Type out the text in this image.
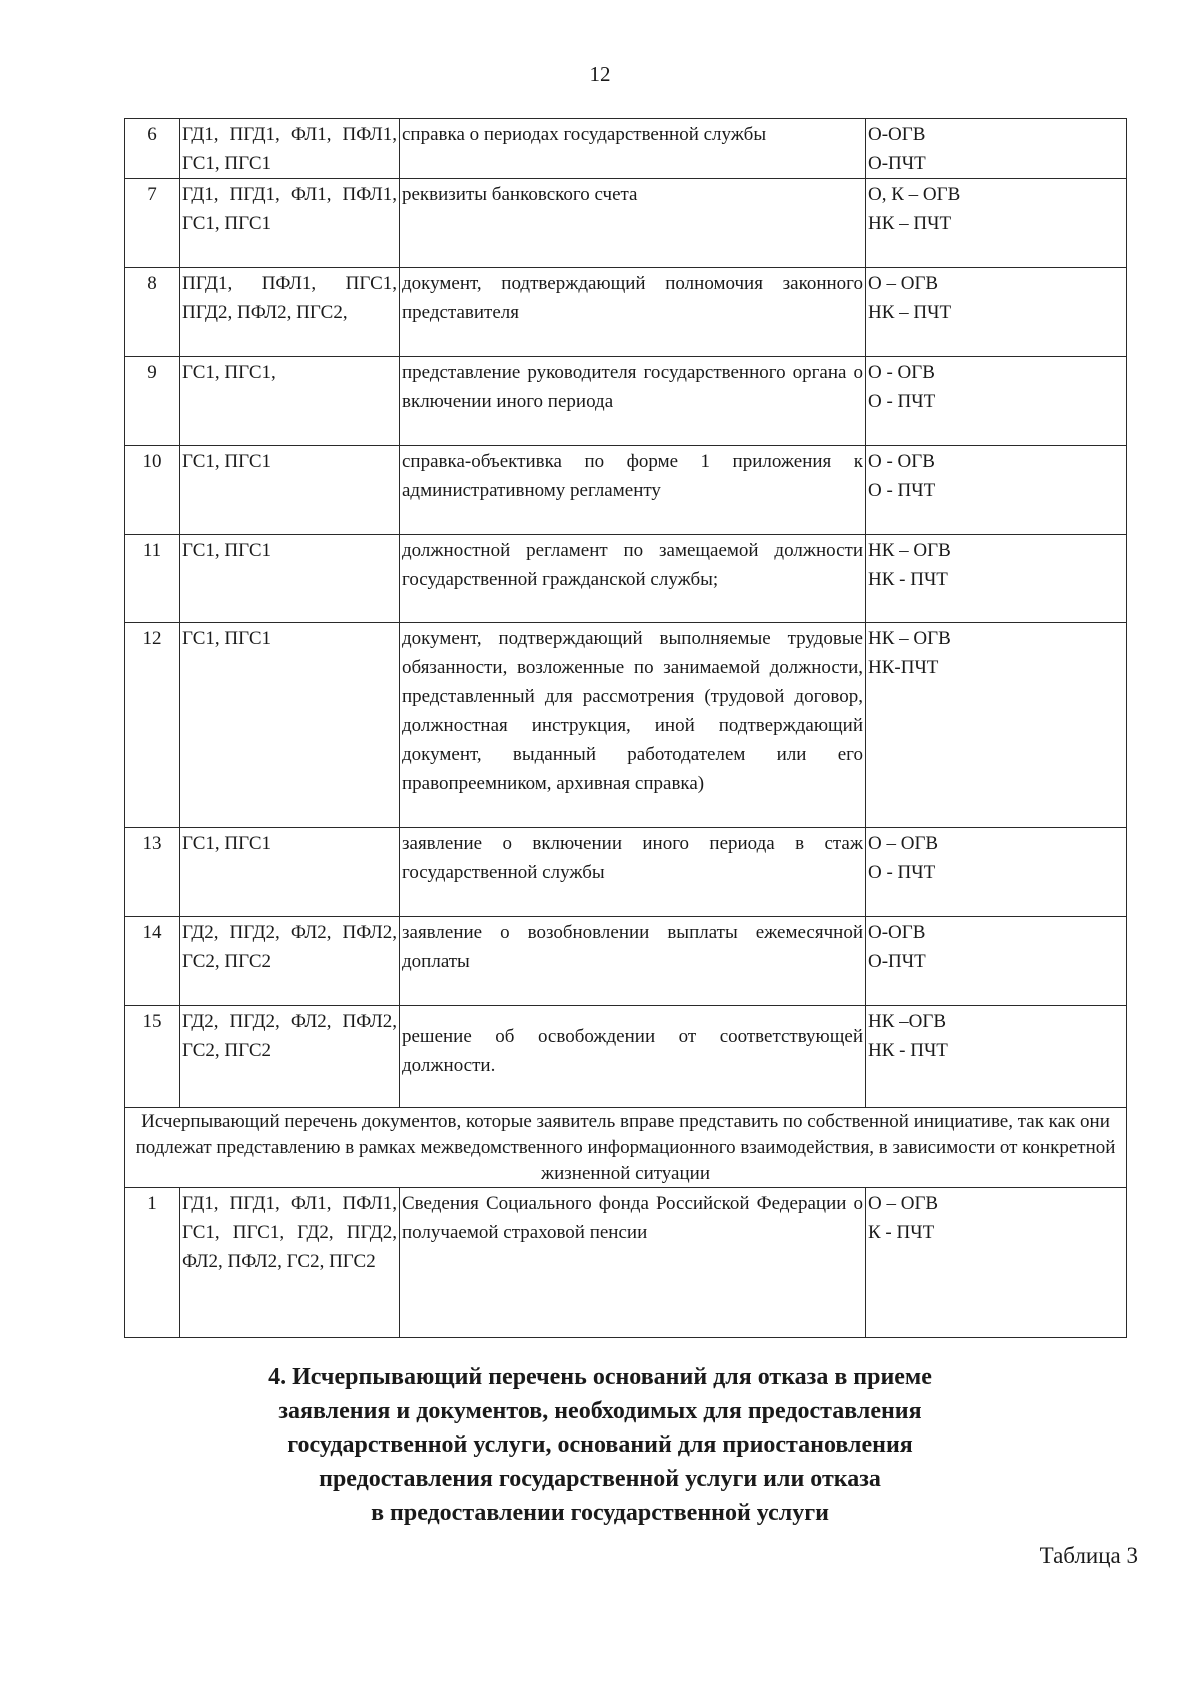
12
6	ГД1, ПГД1, ФЛ1, ПФЛ1, ГС1, ПГС1	справка о периодах государственной службы	О-ОГВ
О-ПЧТ

7	ГД1, ПГД1, ФЛ1, ПФЛ1, ГС1, ПГС1	реквизиты банковского счета	О, К – ОГВ
НК – ПЧТ

8	ПГД1, ПФЛ1, ПГС1, ПГД2, ПФЛ2, ПГС2,	документ, подтверждающий полномочия законного представителя	О – ОГВ
НК – ПЧТ

9	ГС1, ПГС1,	представление руководителя государственного органа о включении иного периода	О - ОГВ
О - ПЧТ

10	ГС1, ПГС1	справка-объективка по форме 1 приложения к административному регламенту	О - ОГВ
О - ПЧТ

11	ГС1, ПГС1	должностной регламент по замещаемой должности государственной гражданской службы;	НК – ОГВ
НК - ПЧТ

12	ГС1, ПГС1	документ, подтверждающий выполняемые трудовые обязанности, возложенные по занимаемой должности, представленный для рассмотрения (трудовой договор, должностная инструкция, иной подтверждающий документ, выданный работодателем или его правопреемником, архивная справка)	НК – ОГВ
НК-ПЧТ

13	ГС1, ПГС1	заявление о включении иного периода в стаж государственной службы	О – ОГВ
О - ПЧТ

14	ГД2, ПГД2, ФЛ2, ПФЛ2, ГС2, ПГС2	заявление о возобновлении выплаты ежемесячной доплаты	О-ОГВ
О-ПЧТ

15	ГД2, ПГД2, ФЛ2, ПФЛ2, ГС2, ПГС2	решение об освобождении от соответствующей должности.	НК –ОГВ
НК - ПЧТ

Исчерпывающий перечень документов, которые заявитель вправе представить по собственной инициативе, так как они подлежат представлению в рамках межведомственного информационного взаимодействия, в зависимости от конкретной жизненной ситуации			
1	ГД1, ПГД1, ФЛ1, ПФЛ1, ГС1, ПГС1, ГД2, ПГД2, ФЛ2, ПФЛ2, ГС2, ПГС2	Сведения Социального фонда Российской Федерации о получаемой страховой пенсии	О – ОГВ
К - ПЧТ
4. Исчерпывающий перечень оснований для отказа в приеме
заявления и документов, необходимых для предоставления
государственной услуги, оснований для приостановления
предоставления государственной услуги или отказа
в предоставлении государственной услуги
Таблица 3
